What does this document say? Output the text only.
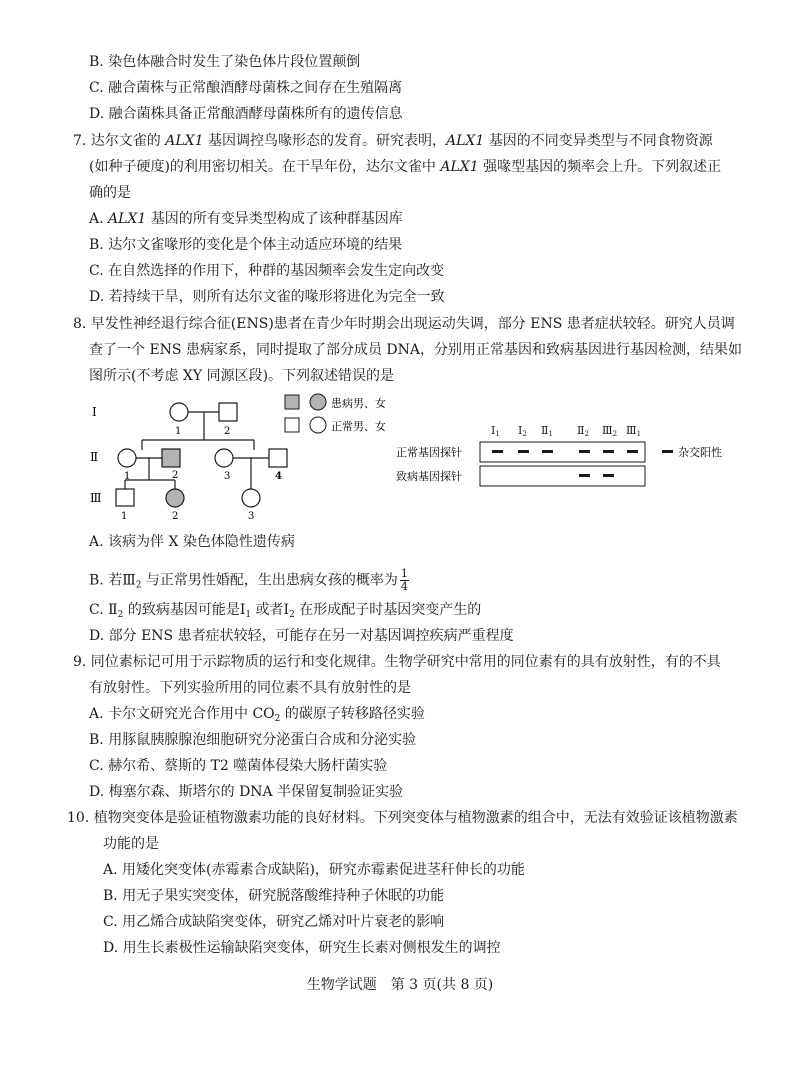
B. 染色体融合时发生了染色体片段位置颠倒
C. 融合菌株与正常酿酒酵母菌株之间存在生殖隔离
D. 融合菌株具备正常酿酒酵母菌株所有的遗传信息
7. 达尔文雀的 ALX1 基因调控鸟喙形态的发育。研究表明，ALX1 基因的不同变异类型与不同食物资源
(如种子硬度)的利用密切相关。在干旱年份，达尔文雀中 ALX1 强喙型基因的频率会上升。下列叙述正
确的是
A. ALX1 基因的所有变异类型构成了该种群基因库
B. 达尔文雀喙形的变化是个体主动适应环境的结果
C. 在自然选择的作用下，种群的基因频率会发生定向改变
D. 若持续干旱，则所有达尔文雀的喙形将进化为完全一致
8. 早发性神经退行综合征(ENS)患者在青少年时期会出现运动失调，部分 ENS 患者症状较轻。研究人员调
查了一个 ENS 患病家系，同时提取了部分成员 DNA，分别用正常基因和致病基因进行基因检测，结果如
图所示(不考虑 XY 同源区段)。下列叙述错误的是
1	2
1	2	3	4
1	2	3
Ⅰ
Ⅱ
Ⅲ
患病男、女
正常男、女	Ⅰ1 Ⅰ2 Ⅱ1 Ⅱ2 Ⅲ2 Ⅲ1
正常基因探针
致病基因探针
杂交阳性
A. 该病为伴 X 染色体隐性遗传病
B. 若$Ⅲ_2$ 与正常男性婚配，生出患病女孩的概率为 $\frac{1}{4}$
C. $Ⅱ_2$ 的致病基因可能是$Ⅰ_1$ 或者$Ⅰ_2$ 在形成配子时基因突变产生的
D. 部分 ENS 患者症状较轻，可能存在另一对基因调控疾病严重程度
9. 同位素标记可用于示踪物质的运行和变化规律。生物学研究中常用的同位素有的具有放射性，有的不具
有放射性。下列实验所用的同位素不具有放射性的是
A. 卡尔文研究光合作用中 $CO_2$ 的碳原子转移路径实验
B. 用豚鼠胰腺腺泡细胞研究分泌蛋白合成和分泌实验
C. 赫尔希、蔡斯的 T2 噬菌体侵染大肠杆菌实验
D. 梅塞尔森、斯塔尔的 DNA 半保留复制验证实验
10. 植物突变体是验证植物激素功能的良好材料。下列突变体与植物激素的组合中，无法有效验证该植物激素
功能的是
A. 用矮化突变体(赤霉素合成缺陷)，研究赤霉素促进茎秆伸长的功能
B. 用无子果实突变体，研究脱落酸维持种子休眠的功能
C. 用乙烯合成缺陷突变体，研究乙烯对叶片衰老的影响
D. 用生长素极性运输缺陷突变体，研究生长素对侧根发生的调控
生物学试题　第 3 页(共 8 页)
